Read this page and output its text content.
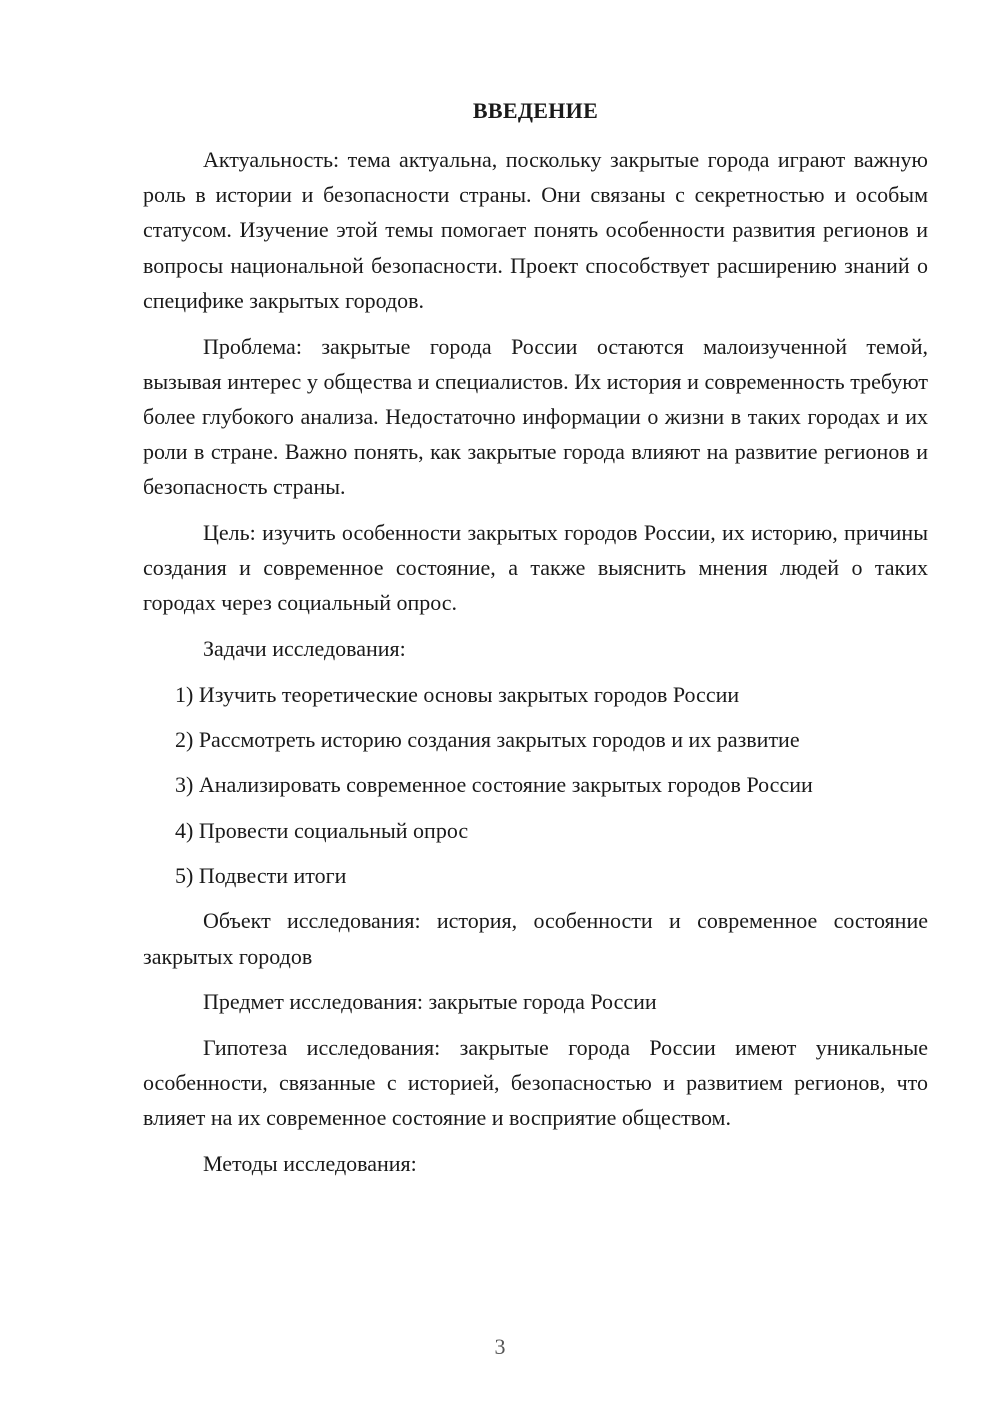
ВВЕДЕНИЕ

Актуальность: тема актуальна, поскольку закрытые города играют важную роль в истории и безопасности страны. Они связаны с секретностью и особым статусом. Изучение этой темы помогает понять особенности развития регионов и вопросы национальной безопасности. Проект способствует расширению знаний о специфике закрытых городов.

Проблема: закрытые города России остаются малоизученной темой, вызывая интерес у общества и специалистов. Их история и современность требуют более глубокого анализа. Недостаточно информации о жизни в таких городах и их роли в стране. Важно понять, как закрытые города влияют на развитие регионов и безопасность страны.

Цель: изучить особенности закрытых городов России, их историю, причины создания и современное состояние, а также выяснить мнения людей о таких городах через социальный опрос.

Задачи исследования:

1) Изучить теоретические основы закрытых городов России
2) Рассмотреть историю создания закрытых городов и их развитие
3) Анализировать современное состояние закрытых городов России
4) Провести социальный опрос
5) Подвести итоги

Объект исследования: история, особенности и современное состояние закрытых городов

Предмет исследования: закрытые города России

Гипотеза исследования: закрытые города России имеют уникальные особенности, связанные с историей, безопасностью и развитием регионов, что влияет на их современное состояние и восприятие обществом.

Методы исследования:

3
